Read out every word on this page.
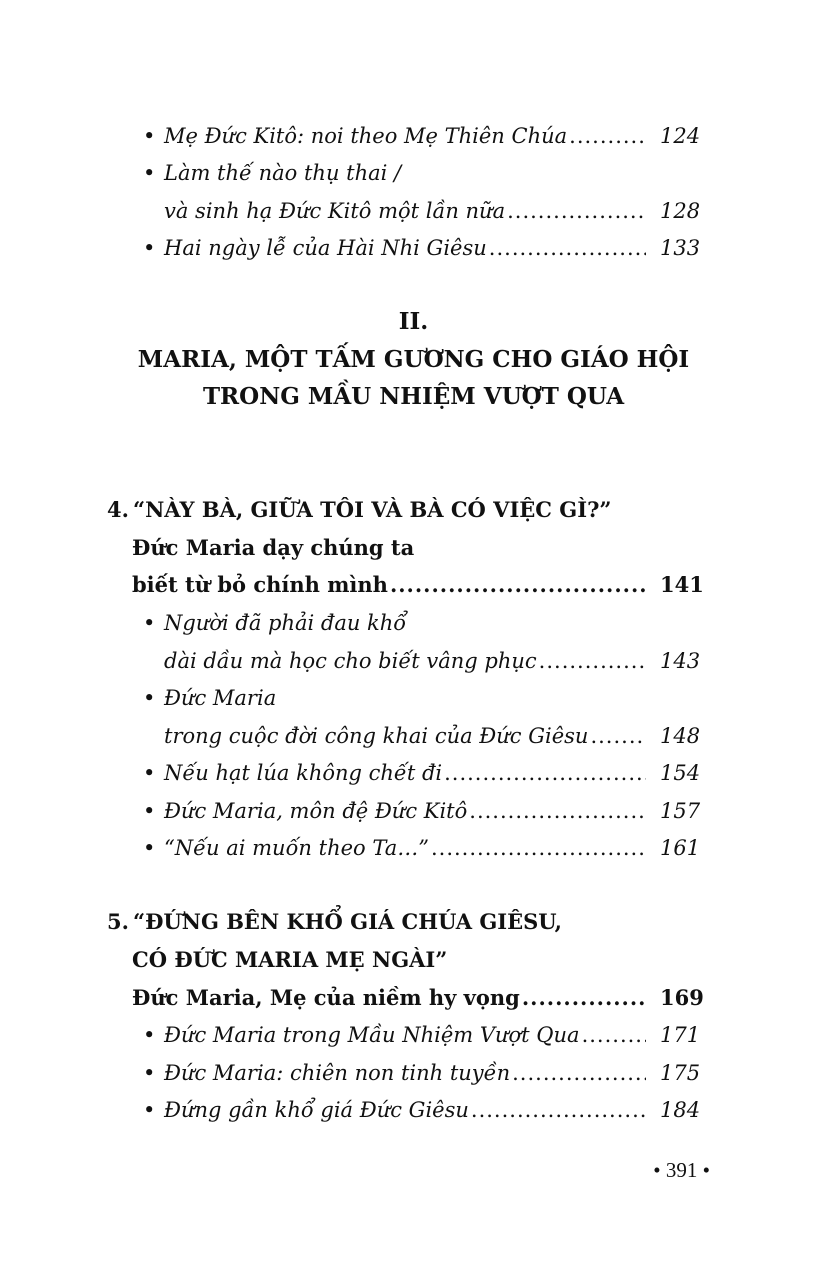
• Mẹ Đức Kitô: noi theo Mẹ Thiên Chúa .....	124
• Làm thế nào thụ thai /
và sinh hạ Đức Kitô một lần nữa .....	128
• Hai ngày lễ của Hài Nhi Giêsu .....	133
II.
MARIA, MỘT TẤM GƯƠNG CHO GIÁO HỘI
TRONG MẦU NHIỆM VƯỢT QUA
4. “NÀY BÀ, GIỮA TÔI VÀ BÀ CÓ VIỆC GÌ?”
Đức Maria dạy chúng ta
biết từ bỏ chính mình .....	141
• Người đã phải đau khổ
dài dầu mà học cho biết vâng phục .....	143
• Đức Maria
trong cuộc đời công khai của Đức Giêsu .....	148
• Nếu hạt lúa không chết đi .....	154
• Đức Maria, môn đệ Đức Kitô .....	157
• “Nếu ai muốn theo Ta…” .....	161
5. “ĐỨNG BÊN KHỔ GIÁ CHÚA GIÊSU,
CÓ ĐỨC MARIA MẸ NGÀI”
Đức Maria, Mẹ của niềm hy vọng .....	169
• Đức Maria trong Mầu Nhiệm Vượt Qua .....	171
• Đức Maria: chiên non tinh tuyền .....	175
• Đứng gần khổ giá Đức Giêsu .....	184
• 391 •
